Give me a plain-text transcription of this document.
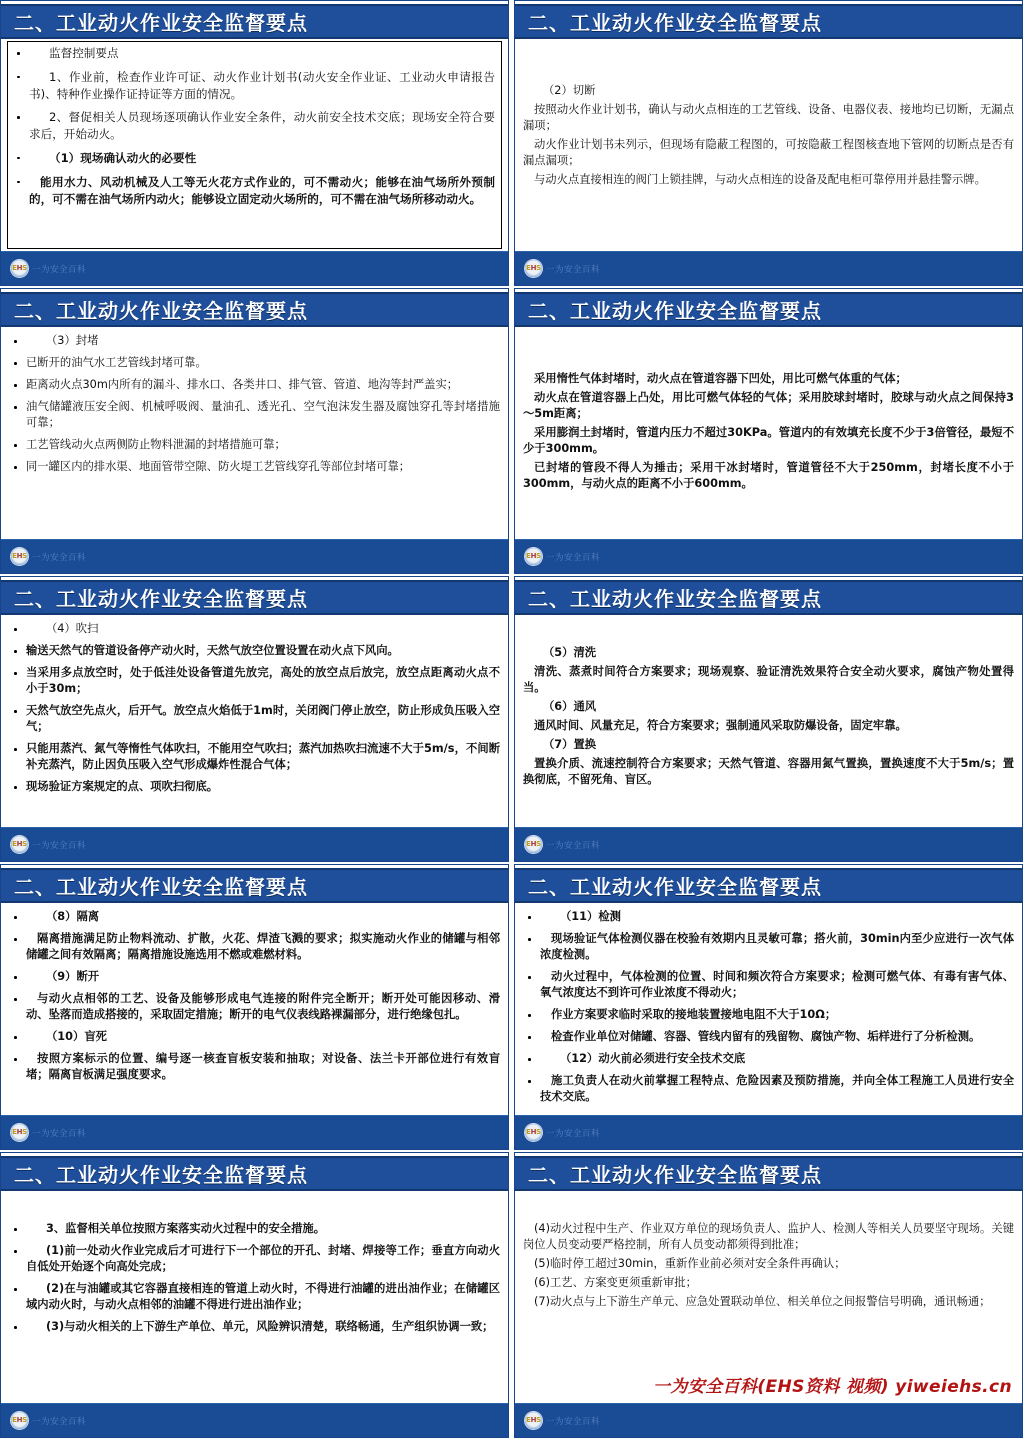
二、工业动火作业安全监督要点
监督控制要点
1、作业前，检查作业许可证、动火作业计划书(动火安全作业证、工业动火申请报告书)、特种作业操作证持证等方面的情况。
2、督促相关人员现场逐项确认作业安全条件，动火前安全技术交底；现场安全符合要求后，开始动火。
（1）现场确认动火的必要性
能用水力、风动机械及人工等无火花方式作业的，可不需动火；能够在油气场所外预制的，可不需在油气场所内动火；能够设立固定动火场所的，可不需在油气场所移动动火。
EHS 一为安全百科
二、工业动火作业安全监督要点
（2）切断
按照动火作业计划书，确认与动火点相连的工艺管线、设备、电器仪表、接地均已切断，无漏点漏项；
动火作业计划书未列示，但现场有隐蔽工程图的，可按隐蔽工程图核查地下管网的切断点是否有漏点漏项；
与动火点直接相连的阀门上锁挂牌，与动火点相连的设备及配电柜可靠停用并悬挂警示牌。
EHS 一为安全百科
二、工业动火作业安全监督要点
（3）封堵
已断开的油气水工艺管线封堵可靠。
距离动火点30m内所有的漏斗、排水口、各类井口、排气管、管道、地沟等封严盖实；
油气储罐液压安全阀、机械呼吸阀、量油孔、透光孔、空气泡沫发生器及腐蚀穿孔等封堵措施可靠；
工艺管线动火点两侧防止物料泄漏的封堵措施可靠；
同一罐区内的排水渠、地面管带空隙、防火堤工艺管线穿孔等部位封堵可靠；
EHS 一为安全百科
二、工业动火作业安全监督要点
采用惰性气体封堵时，动火点在管道容器下凹处，用比可燃气体重的气体；
动火点在管道容器上凸处，用比可燃气体轻的气体；采用胶球封堵时，胶球与动火点之间保持3～5m距离；
采用膨润土封堵时，管道内压力不超过30KPa。管道内的有效填充长度不少于3倍管径，最短不少于300mm。
已封堵的管段不得人为捶击；采用干冰封堵时，管道管径不大于250mm，封堵长度不小于300mm，与动火点的距离不小于600mm。
EHS 一为安全百科
二、工业动火作业安全监督要点
（4）吹扫
输送天然气的管道设备停产动火时，天然气放空位置设置在动火点下风向。
当采用多点放空时，处于低洼处设备管道先放完，高处的放空点后放完，放空点距离动火点不小于30m；
天然气放空先点火，后开气。放空点火焰低于1m时，关闭阀门停止放空，防止形成负压吸入空气；
只能用蒸汽、氮气等惰性气体吹扫，不能用空气吹扫；蒸汽加热吹扫流速不大于5m/s，不间断补充蒸汽，防止因负压吸入空气形成爆炸性混合气体；
现场验证方案规定的点、项吹扫彻底。
EHS 一为安全百科
二、工业动火作业安全监督要点
（5）清洗
清洗、蒸煮时间符合方案要求；现场观察、验证清洗效果符合安全动火要求，腐蚀产物处置得当。
（6）通风
通风时间、风量充足，符合方案要求；强制通风采取防爆设备，固定牢靠。
（7）置换
置换介质、流速控制符合方案要求；天然气管道、容器用氮气置换，置换速度不大于5m/s；置换彻底，不留死角、盲区。
EHS 一为安全百科
二、工业动火作业安全监督要点
（8）隔离
隔离措施满足防止物料流动、扩散，火花、焊渣飞溅的要求；拟实施动火作业的储罐与相邻储罐之间有效隔离；隔离措施设施选用不燃或难燃材料。
（9）断开
与动火点相邻的工艺、设备及能够形成电气连接的附件完全断开；断开处可能因移动、滑动、坠落而造成搭接的，采取固定措施；断开的电气仪表线路裸漏部分，进行绝缘包扎。
（10）盲死
按照方案标示的位置、编号逐一核查盲板安装和抽取；对设备、法兰卡开部位进行有效盲堵；隔离盲板满足强度要求。
EHS 一为安全百科
二、工业动火作业安全监督要点
（11）检测
现场验证气体检测仪器在校验有效期内且灵敏可靠；搭火前，30min内至少应进行一次气体浓度检测。
动火过程中，气体检测的位置、时间和频次符合方案要求；检测可燃气体、有毒有害气体、氧气浓度达不到许可作业浓度不得动火；
作业方案要求临时采取的接地装置接地电阻不大于10Ω；
检查作业单位对储罐、容器、管线内留有的残留物、腐蚀产物、垢样进行了分析检测。
（12）动火前必须进行安全技术交底
施工负责人在动火前掌握工程特点、危险因素及预防措施，并向全体工程施工人员进行安全技术交底。
EHS 一为安全百科
二、工业动火作业安全监督要点
3、监督相关单位按照方案落实动火过程中的安全措施。
(1)前一处动火作业完成后才可进行下一个部位的开孔、封堵、焊接等工作；垂直方向动火自低处开始逐个向高处完成；
(2)在与油罐或其它容器直接相连的管道上动火时，不得进行油罐的进出油作业；在储罐区域内动火时，与动火点相邻的油罐不得进行进出油作业；
(3)与动火相关的上下游生产单位、单元，风险辨识清楚，联络畅通，生产组织协调一致；
EHS 一为安全百科
二、工业动火作业安全监督要点
(4)动火过程中生产、作业双方单位的现场负责人、监护人、检测人等相关人员要坚守现场。关键岗位人员变动要严格控制，所有人员变动都须得到批准；
(5)临时停工超过30min，重新作业前必须对安全条件再确认；
(6)工艺、方案变更须重新审批；
(7)动火点与上下游生产单元、应急处置联动单位、相关单位之间报警信号明确，通讯畅通；
一为安全百科(EHS资料 视频) yiweiehs.cn
EHS 一为安全百科
